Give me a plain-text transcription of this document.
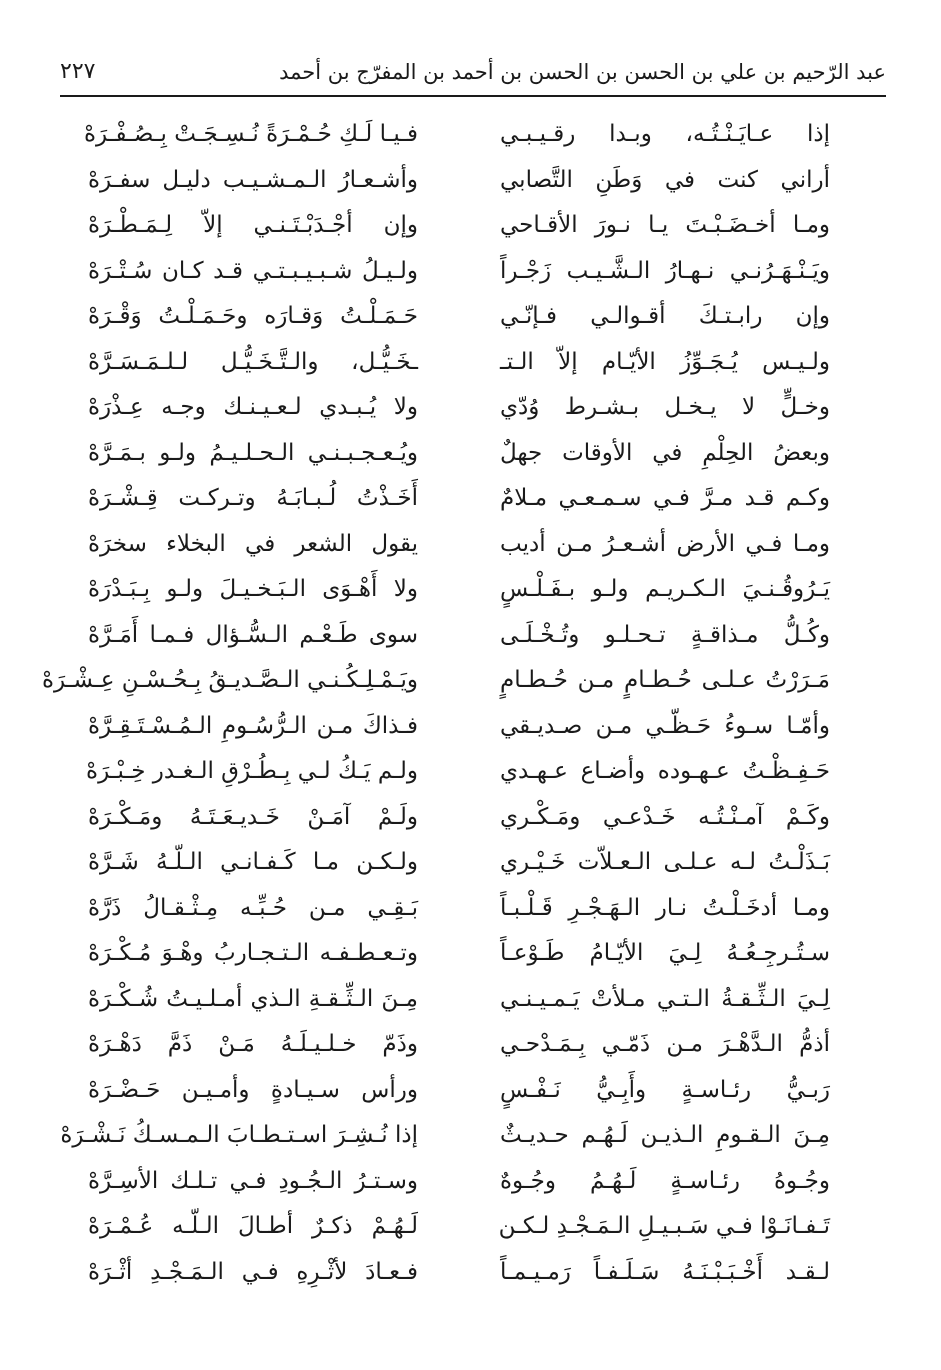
عبد الرّحيم بن علي بن الحسن بن الحسن بن أحمد بن المفرّج بن أحمد
٢٢٧
إذا عـايَـنْـتُـه، وبـدا رقـيـبـي
فـيـا لَـكِ حُـمْـرَةً نُـسِـجَـتْ بِـصُـفْـرَهْ
أراني كنت في وَطَنِ التَّصابي
وأشـعـارُ الـمـشـيـب دليـل سفـرَهْ
ومـا أخـضَـبْـتَ يـا نـورَ الأقـاحي
وإن أجْـدَبْـتَـنـي إلاّ لِـمَـطْـرَهْ
ويَـنْـهَـرُنـي نـهـارُ الـشَّـيـب زَجْـراً
ولـيـلُ شـبـيـبـتـي قـد كـان سُـتْـرَهْ
وإن رابـتـكَ أقـوالـي فـإنّـي
حَـمَـلْـتُ وَقـارَه وحَـمَـلْـتُ وَقْـرَهْ
ولـيـس يُـجَـوِّزُ الأيّـام إلاّ الـتـ
ـخَـيُّـل، والـتَّـخَـيُّـل لـلـمَـسَـرَّهْ
وخـلٍّ لا يـخـل بـشـرط وُدّي
ولا يُـبـدي لـعـيـنـك وجـه عِـذْرَهْ
وبعضُ الحِلْمِ في الأوقات جهلٌ
ويُـعـجـبـنـي الـحـلـيـمُ ولـو بـمَـرَّهْ
وكـم قـد مـرَّ فـي سـمـعـي مـلامٌ
أَخَـذْتُ لُـبـابَـهُ وتـركـت قِـشْـرَهْ
ومـا فـي الأرض أشـعـرُ مـن أديب
يقول الشعر في البخلاء سخرَهْ
يَـرُوقُـنـيَ الـكـريـم ولـو بـفَـلْـسٍ
ولا أَهْـوَى الـبَـخـيـلَ ولـو بِـبَـدْرَهْ
وكُـلُّ مـذاقـةٍ تـحـلـو وتُـخْـلَـى
سوى طَـعْـم الـسُّـؤال فـمـا أَمَـرَّهْ
مَـرَرْتُ عـلـى حُـطـامٍ مـن حُـطـامٍ
ويَـمْـلِـكُـنـي الـصَّـديـقُ بِـحُـسْـنِ عِـشْـرَهْ
وأمّـا سـوءُ حَـظّـي مـن صـديـقي
فـذاكَ مـن الـرُّسُـومِ الـمُـسْـتَـقِـرَّهْ
حَـفِـظْـتُ عـهـوده وأضـاع عـهـدي
ولـم يَـكُ لـي بِـطُـرْقِ الـغـدر خِـبْـرَهْ
وكَـمْ آمـنْـتُـه خَـدْعـي ومَـكْـري
ولَـمْ آمَـنْ خَـديـعَـتَـهُ ومَـكْـرَهْ
بَـذَلْـتُ لـه عـلـى الـعـلاّت خَـيْـري
ولـكـن مـا كَـفـانـي الـلّـهُ شَـرَّهْ
ومـا أدخَـلْـتُ نـار الـهَـجْـرِ قَـلْـبـاً
بَـقِـي مـن حُـبِّـه مِـثْـقـالُ ذَرَّهْ
سـتُـرجِـعُـهُ لِـيَ الأيّـامُ طَـوْعـاً
وتـعـطـفـه الـتـجـاربُ وهْـوَ مُـكْـرَهْ
لِـيَ الـثِّـقـةُ الـتـي مـلأتْ يَـمـيـنـي
مِـنَ الـثِّـقـةِ الـذي أمـلـيـتُ شُـكْـرَهْ
أذمُّ الـدَّهْـرَ مـن ذَمّـي بِـمَـدْحـي
وذَمّ خـلـيـلَـهُ مَـنْ ذَمَّ دَهْـرَهْ
رَبـيُّ رئـاسـةٍ وأَبِـيُّ نَـفْـسٍ
ورأس سـيـادةٍ وأمـيـن حَـضْـرَهْ
مِـنَ الـقـومِ الـذيـن لَـهُـم حـديـثٌ
إذا نُـشِـرَ اسـتـطـابَ الـمـسـكُ نَـشْـرَهْ
وجُـوهُ رئـاسـةٍ لَـهُـمُ وجُـوهٌ
وسـتـرُ الـجُـودِ فـي تـلـك الأسِـرَّهْ
تَـفـانَـوْا فـي سَـبـيـلِ الـمَـجْـدِ لـكـن
لَـهُـمْ ذكـرٌ أطـالَ الـلّـه عُـمْـرَهْ
لـقـد أَخْـبَـبْـنَـهُ سَـلَـفـاً رَمـيـمـاً
فـعـادَ لأثْـرِهِ فـي الـمَـجْـدِ أثْـرَهْ
